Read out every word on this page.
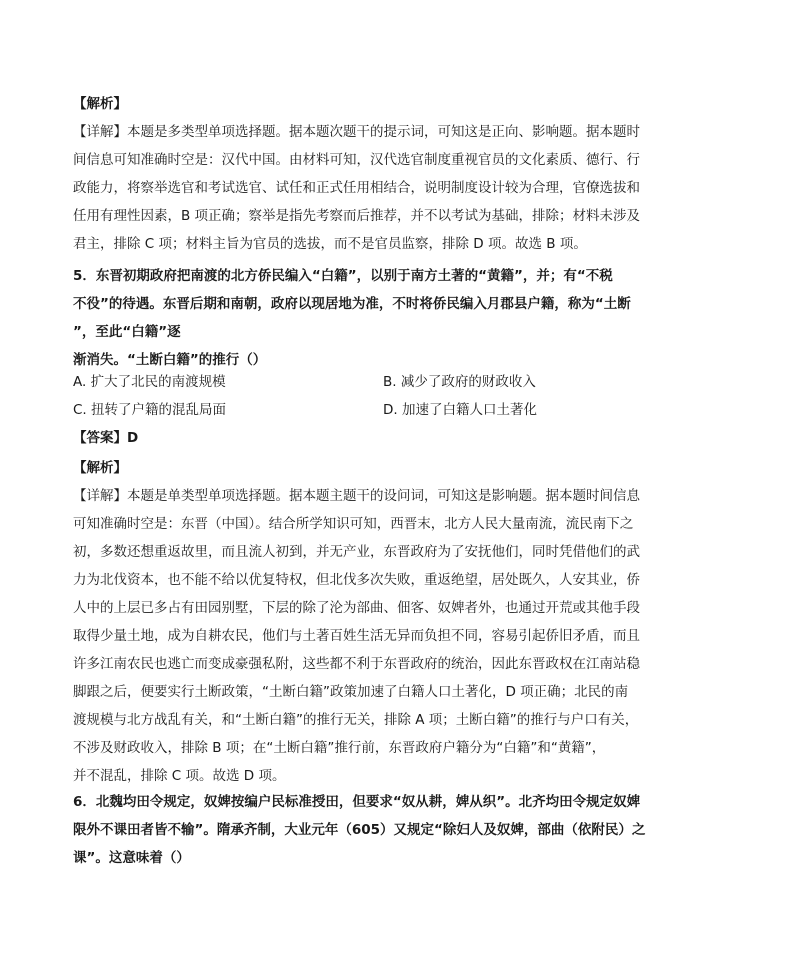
【解析】
【详解】本题是多类型单项选择题。据本题次题干的提示词，可知这是正向、影响题。据本题时
间信息可知准确时空是：汉代中国。由材料可知，汉代选官制度重视官员的文化素质、德行、行
政能力，将察举选官和考试选官、试任和正式任用相结合，说明制度设计较为合理，官僚选拔和
任用有理性因素，B 项正确；察举是指先考察而后推荐，并不以考试为基础，排除；材料未涉及
君主，排除 C 项；材料主旨为官员的选拔，而不是官员监察，排除 D 项。故选 B 项。
5．东晋初期政府把南渡的北方侨民编入“白籍”，以别于南方土著的“黄籍”，并；有“不税
不役”的待遇。东晋后期和南朝，政府以现居地为准，不时将侨民编入月郡县户籍，称为“土断
”，至此“白籍”逐
渐消失。“土断白籍”的推行（）
A. 扩大了北民的南渡规模	B. 减少了政府的财政收入
C. 扭转了户籍的混乱局面	D. 加速了白籍人口土著化
【答案】D
【解析】
【详解】本题是单类型单项选择题。据本题主题干的设问词，可知这是影响题。据本题时间信息
可知准确时空是：东晋（中国）。结合所学知识可知，西晋末，北方人民大量南流，流民南下之
初，多数还想重返故里，而且流人初到，并无产业，东晋政府为了安抚他们，同时凭借他们的武
力为北伐资本，也不能不给以优复特权，但北伐多次失败，重返绝望，居处既久，人安其业，侨
人中的上层已多占有田园别墅，下层的除了沦为部曲、佃客、奴婢者外，也通过开荒或其他手段
取得少量土地，成为自耕农民，他们与土著百姓生活无异而负担不同，容易引起侨旧矛盾，而且
许多江南农民也逃亡而变成豪强私附，这些都不利于东晋政府的统治，因此东晋政权在江南站稳
脚跟之后，便要实行土断政策，“土断白籍”政策加速了白籍人口土著化，D 项正确；北民的南
渡规模与北方战乱有关，和“土断白籍”的推行无关，排除 A 项；土断白籍”的推行与户口有关，
不涉及财政收入，排除 B 项；在“土断白籍”推行前，东晋政府户籍分为“白籍”和“黄籍”，
并不混乱，排除 C 项。故选 D 项。
6．北魏均田令规定，奴婢按编户民标准授田，但要求“奴从耕，婢从织”。北齐均田令规定奴婢
限外不课田者皆不输”。隋承齐制，大业元年（605）又规定“除妇人及奴婢，部曲（依附民）之
课”。这意味着（）
